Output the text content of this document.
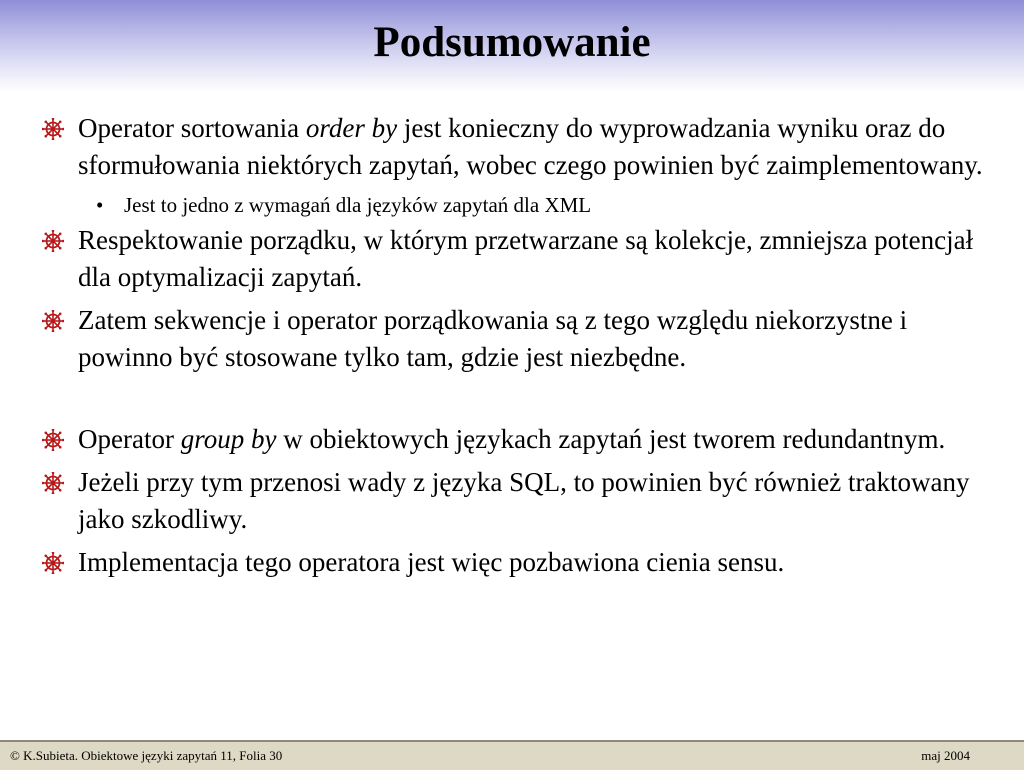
Podsumowanie
Operator sortowania order by jest konieczny do wyprowadzania wyniku oraz do sformułowania niektórych zapytań, wobec czego powinien być zaimplementowany.
• Jest to jedno z wymagań dla języków zapytań dla XML
Respektowanie porządku, w którym przetwarzane są kolekcje, zmniejsza potencjał dla optymalizacji zapytań.
Zatem sekwencje i operator porządkowania są z tego względu niekorzystne i powinno być stosowane tylko tam, gdzie jest niezbędne.
Operator group by w obiektowych językach zapytań jest tworem redundantnym.
Jeżeli przy tym przenosi wady z języka SQL, to powinien być również traktowany jako szkodliwy.
Implementacja tego operatora jest więc pozbawiona cienia sensu.
© K.Subieta. Obiektowe języki zapytań 11, Folia 30	maj 2004
